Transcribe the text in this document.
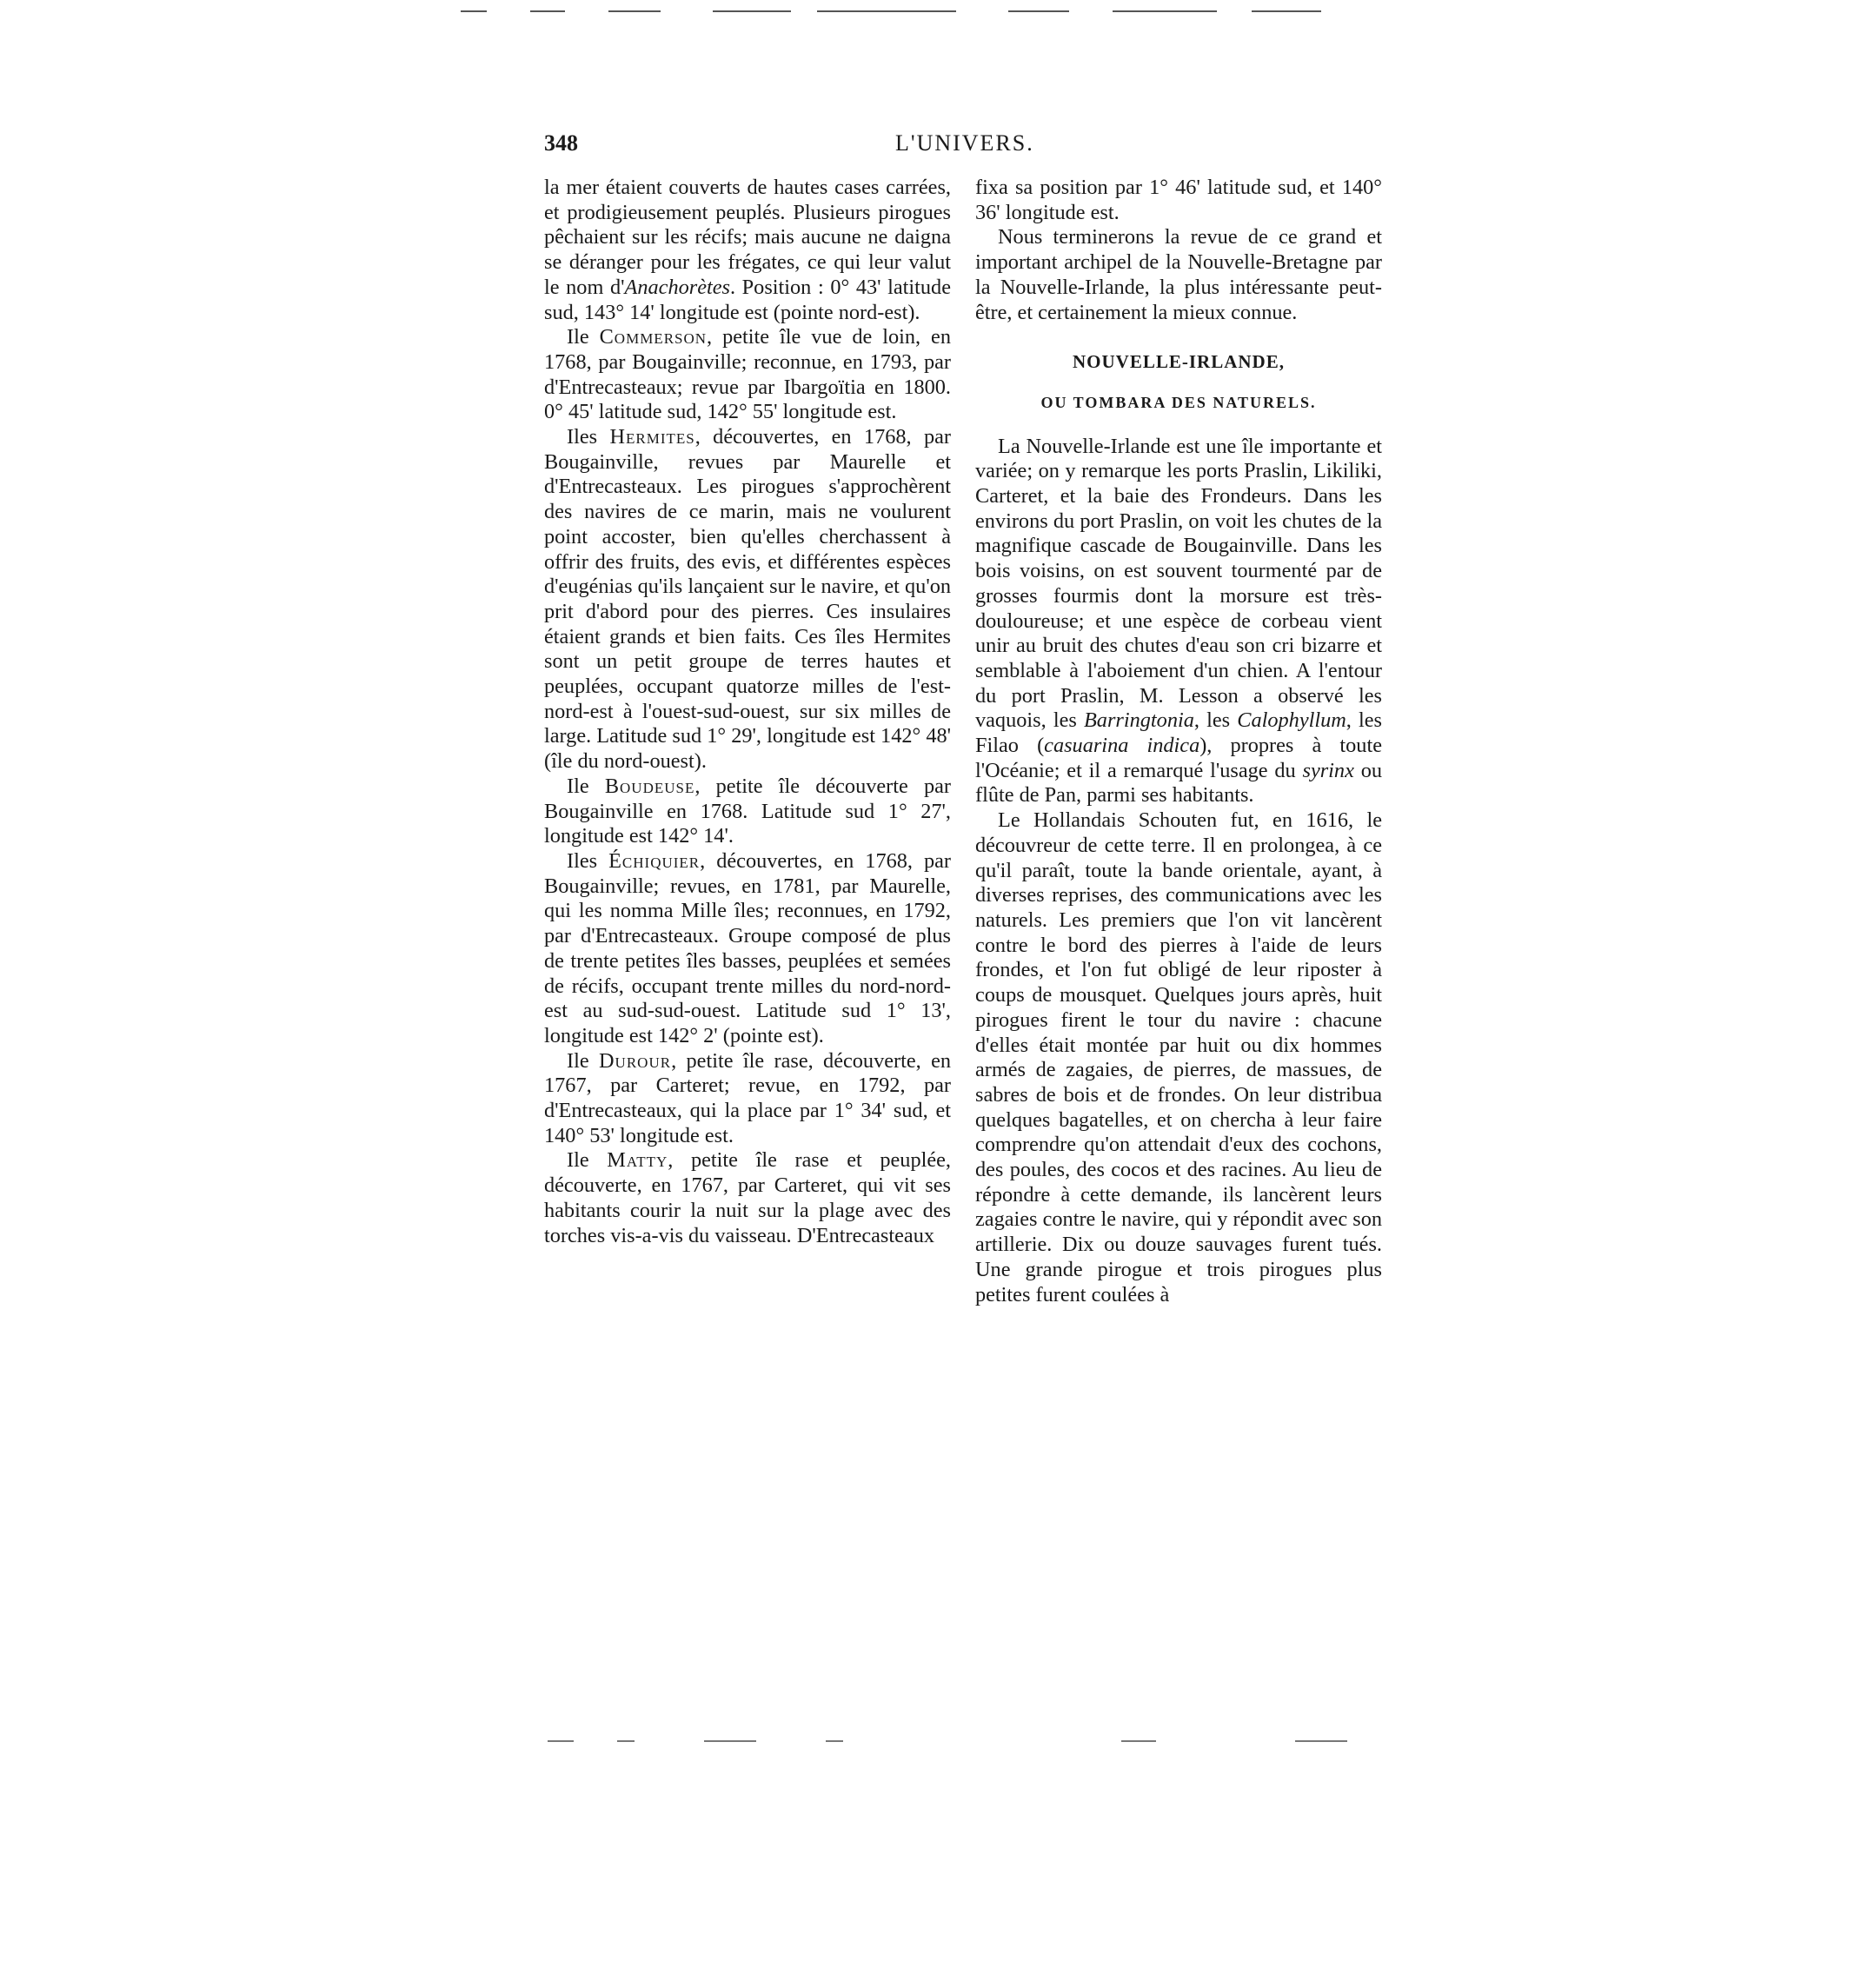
348	L'UNIVERS.

la mer étaient couverts de hautes cases carrées, et prodigieusement peuplés. Plusieurs pirogues pêchaient sur les récifs; mais aucune ne daigna se déranger pour les frégates, ce qui leur valut le nom d'Anachorètes. Position : 0° 43' latitude sud, 143° 14' longitude est (pointe nord-est).

Ile Commerson, petite île vue de loin, en 1768, par Bougainville; reconnue, en 1793, par d'Entrecasteaux; revue par Ibargoïtia en 1800. 0° 45' latitude sud, 142° 55' longitude est.

Iles Hermites, découvertes, en 1768, par Bougainville, revues par Maurelle et d'Entrecasteaux. Les pirogues s'approchèrent des navires de ce marin, mais ne voulurent point accoster, bien qu'elles cherchassent à offrir des fruits, des evis, et différentes espèces d'eugénias qu'ils lançaient sur le navire, et qu'on prit d'abord pour des pierres. Ces insulaires étaient grands et bien faits. Ces îles Hermites sont un petit groupe de terres hautes et peuplées, occupant quatorze milles de l'est-nord-est à l'ouest-sud-ouest, sur six milles de large. Latitude sud 1° 29', longitude est 142° 48' (île du nord-ouest).

Ile Boudeuse, petite île découverte par Bougainville en 1768. Latitude sud 1° 27', longitude est 142° 14'.

Iles Échiquier, découvertes, en 1768, par Bougainville; revues, en 1781, par Maurelle, qui les nomma Mille îles; reconnues, en 1792, par d'Entrecasteaux. Groupe composé de plus de trente petites îles basses, peuplées et semées de récifs, occupant trente milles du nord-nord-est au sud-sud-ouest. Latitude sud 1° 13', longitude est 142° 2' (pointe est).

Ile Durour, petite île rase, découverte, en 1767, par Carteret; revue, en 1792, par d'Entrecasteaux, qui la place par 1° 34' sud, et 140° 53' longitude est.

Ile Matty, petite île rase et peuplée, découverte, en 1767, par Carteret, qui vit ses habitants courir la nuit sur la plage avec des torches vis-a-vis du vaisseau. D'Entrecasteaux

fixa sa position par 1° 46' latitude sud, et 140° 36' longitude est.

Nous terminerons la revue de ce grand et important archipel de la Nouvelle-Bretagne par la Nouvelle-Irlande, la plus intéressante peut-être, et certainement la mieux connue.

NOUVELLE-IRLANDE,
OU TOMBARA DES NATURELS.

La Nouvelle-Irlande est une île importante et variée; on y remarque les ports Praslin, Likiliki, Carteret, et la baie des Frondeurs. Dans les environs du port Praslin, on voit les chutes de la magnifique cascade de Bougainville. Dans les bois voisins, on est souvent tourmenté par de grosses fourmis dont la morsure est très-douloureuse; et une espèce de corbeau vient unir au bruit des chutes d'eau son cri bizarre et semblable à l'aboiement d'un chien. A l'entour du port Praslin, M. Lesson a observé les vaquois, les Barringtonia, les Calophyllum, les Filao (casuarina indica), propres à toute l'Océanie; et il a remarqué l'usage du syrinx ou flûte de Pan, parmi ses habitants.

Le Hollandais Schouten fut, en 1616, le découvreur de cette terre. Il en prolongea, à ce qu'il paraît, toute la bande orientale, ayant, à diverses reprises, des communications avec les naturels. Les premiers que l'on vit lancèrent contre le bord des pierres à l'aide de leurs frondes, et l'on fut obligé de leur riposter à coups de mousquet. Quelques jours après, huit pirogues firent le tour du navire : chacune d'elles était montée par huit ou dix hommes armés de zagaies, de pierres, de massues, de sabres de bois et de frondes. On leur distribua quelques bagatelles, et on chercha à leur faire comprendre qu'on attendait d'eux des cochons, des poules, des cocos et des racines. Au lieu de répondre à cette demande, ils lancèrent leurs zagaies contre le navire, qui y répondit avec son artillerie. Dix ou douze sauvages furent tués. Une grande pirogue et trois pirogues plus petites furent coulées à
